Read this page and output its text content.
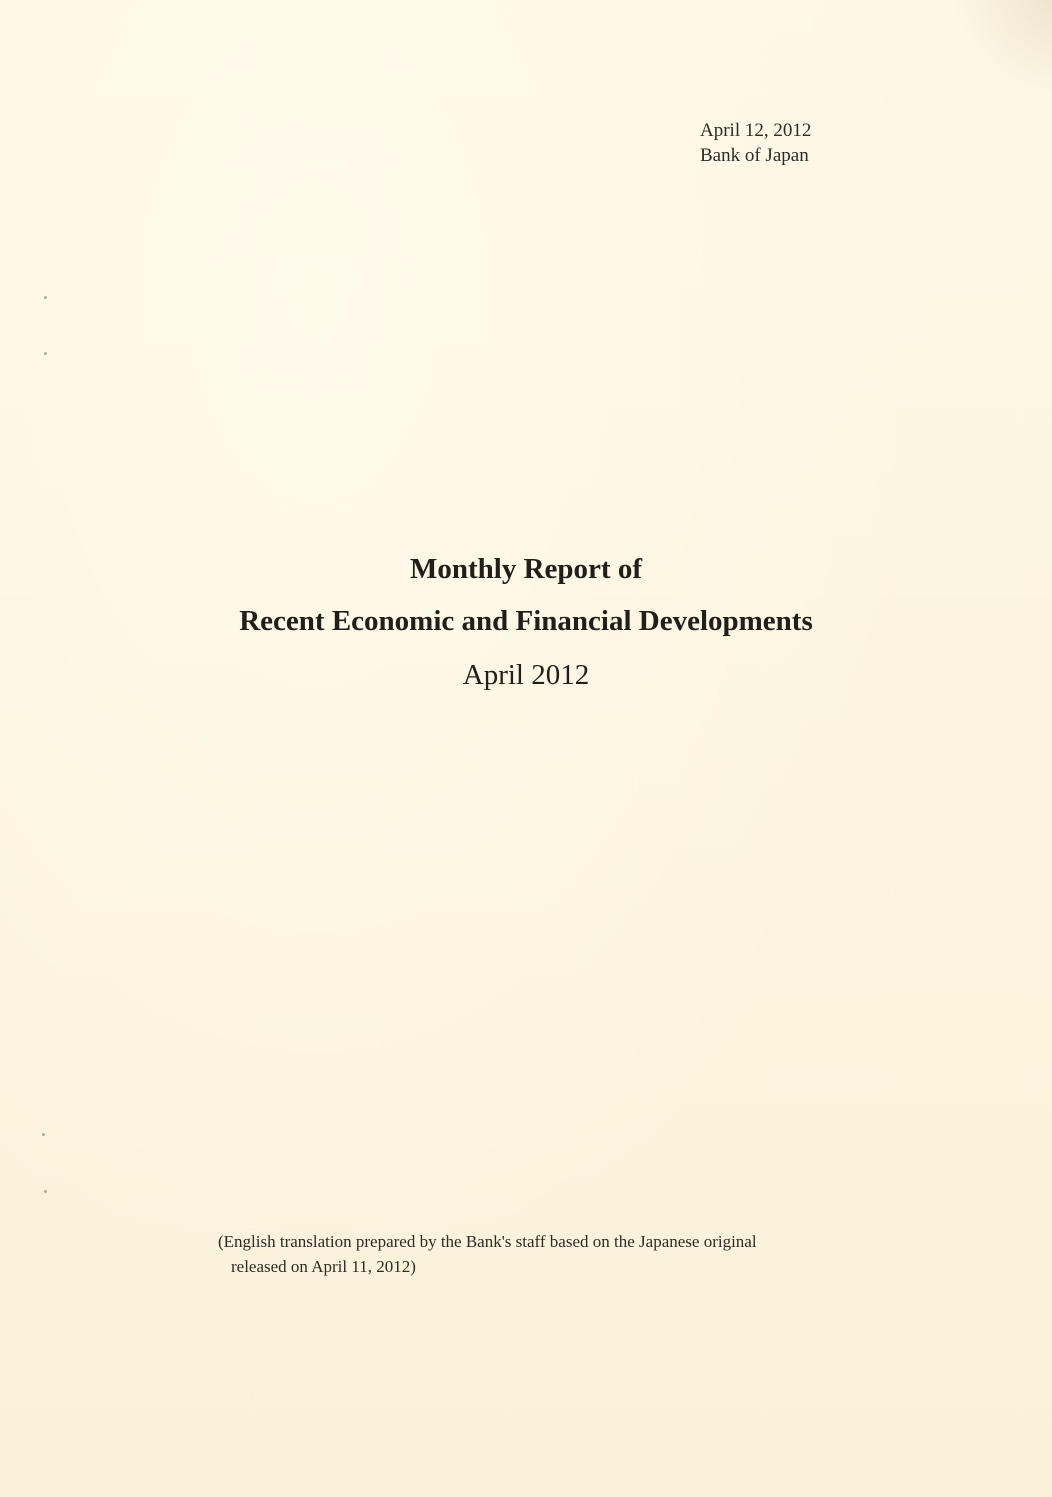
April 12, 2012
Bank of Japan
Monthly Report of
Recent Economic and Financial Developments
April 2012
(English translation prepared by the Bank's staff based on the Japanese original
released on April 11, 2012)
